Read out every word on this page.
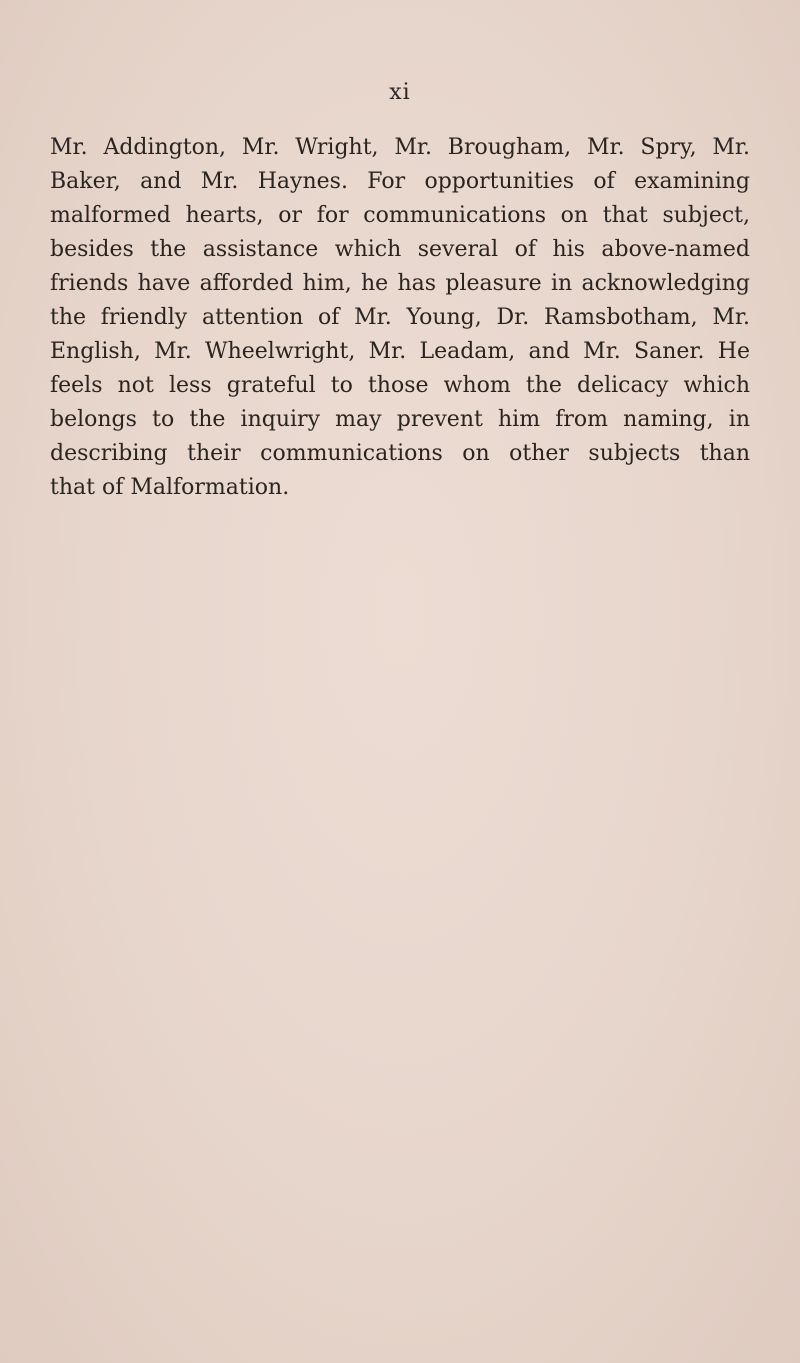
xi
Mr. Addington, Mr. Wright, Mr. Brougham, Mr. Spry, Mr.
Baker, and Mr. Haynes. For opportunities of examining
malformed hearts, or for communications on that subject,
besides the assistance which several of his above-named
friends have afforded him, he has pleasure in acknowledging
the friendly attention of Mr. Young, Dr. Ramsbotham, Mr.
English, Mr. Wheelwright, Mr. Leadam, and Mr. Saner. He
feels not less grateful to those whom the delicacy which
belongs to the inquiry may prevent him from naming, in
describing their communications on other subjects than
that of Malformation.
